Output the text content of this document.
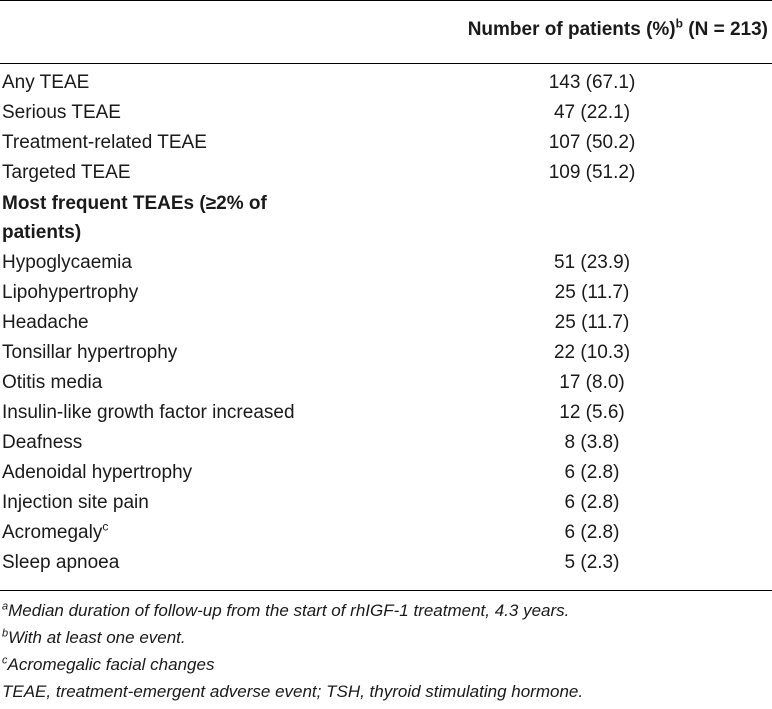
Number of patients (%)$^b$ (N = 213)
Any TEAE	143 (67.1)
Serious TEAE	47 (22.1)
Treatment-related TEAE	107 (50.2)
Targeted TEAE	109 (51.2)
Most frequent TEAEs (≥2% of patients)
Hypoglycaemia	51 (23.9)
Lipohypertrophy	25 (11.7)
Headache	25 (11.7)
Tonsillar hypertrophy	22 (10.3)
Otitis media	17 (8.0)
Insulin-like growth factor increased	12 (5.6)
Deafness	8 (3.8)
Adenoidal hypertrophy	6 (2.8)
Injection site pain	6 (2.8)
Acromegaly$^c$	6 (2.8)
Sleep apnoea	5 (2.3)
$^a$Median duration of follow-up from the start of rhIGF-1 treatment, 4.3 years.
$^b$With at least one event.
$^c$Acromegalic facial changes
TEAE, treatment-emergent adverse event; TSH, thyroid stimulating hormone.
